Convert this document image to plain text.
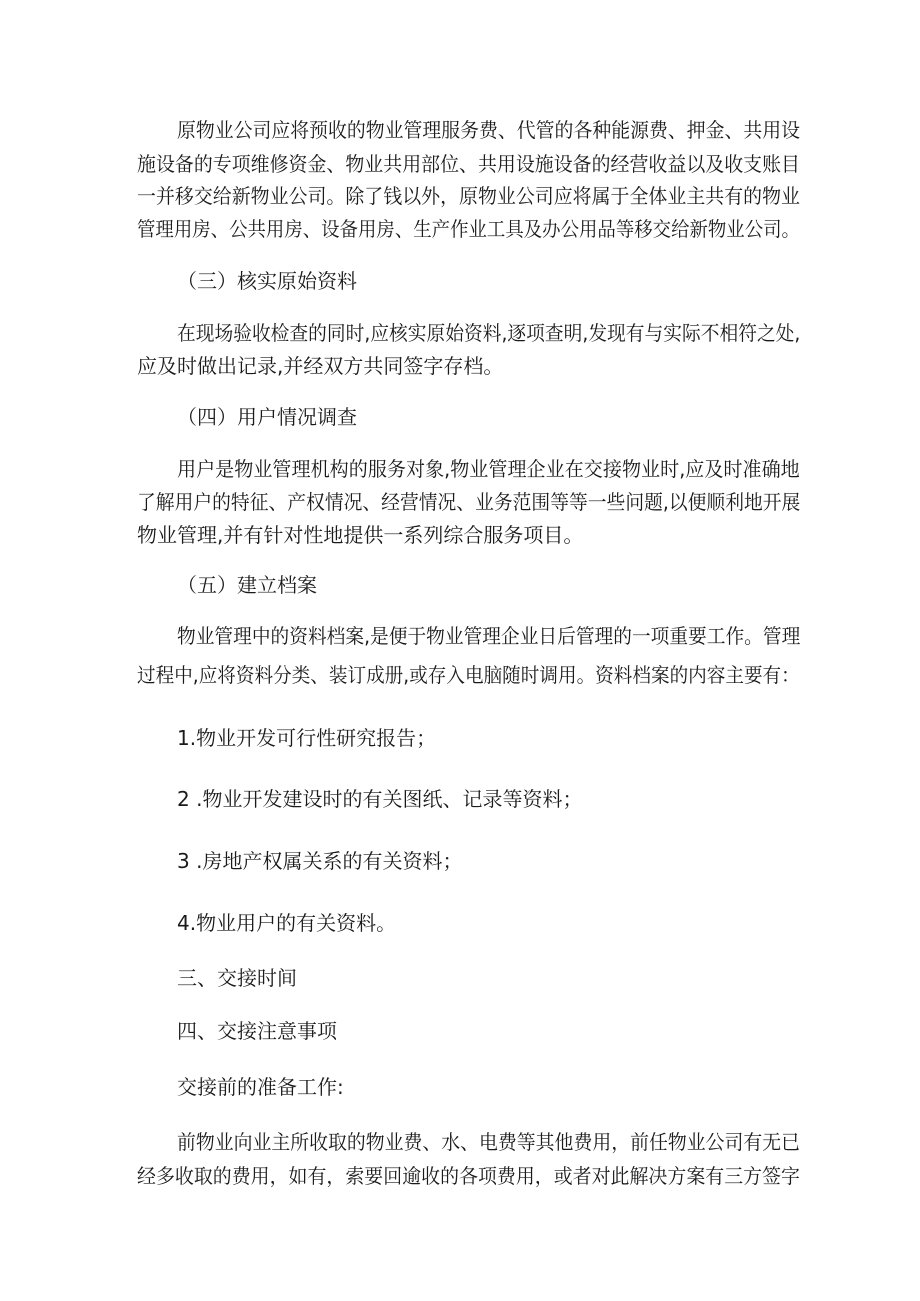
原物业公司应将预收的物业管理服务费、代管的各种能源费、押金、共用设
施设备的专项维修资金、物业共用部位、共用设施设备的经营收益以及收支账目
一并移交给新物业公司。除了钱以外，原物业公司应将属于全体业主共有的物业
管理用房、公共用房、设备用房、生产作业工具及办公用品等移交给新物业公司。
（三）核实原始资料
在现场验收检查的同时,应核实原始资料,逐项查明,发现有与实际不相符之处,
应及时做出记录,并经双方共同签字存档。
（四）用户情况调查
用户是物业管理机构的服务对象,物业管理企业在交接物业时,应及时准确地
了解用户的特征、产权情况、经营情况、业务范围等等一些问题,以便顺利地开展
物业管理,并有针对性地提供一系列综合服务项目。
（五）建立档案
物业管理中的资料档案,是便于物业管理企业日后管理的一项重要工作。管理
过程中,应将资料分类、装订成册,或存入电脑随时调用。资料档案的内容主要有：
1.物业开发可行性研究报告；
2 .物业开发建设时的有关图纸、记录等资料；
3 .房地产权属关系的有关资料；
4.物业用户的有关资料。
三、交接时间
四、交接注意事项
交接前的准备工作:
前物业向业主所收取的物业费、水、电费等其他费用，前任物业公司有无已
经多收取的费用，如有，索要回逾收的各项费用，或者对此解决方案有三方签字
